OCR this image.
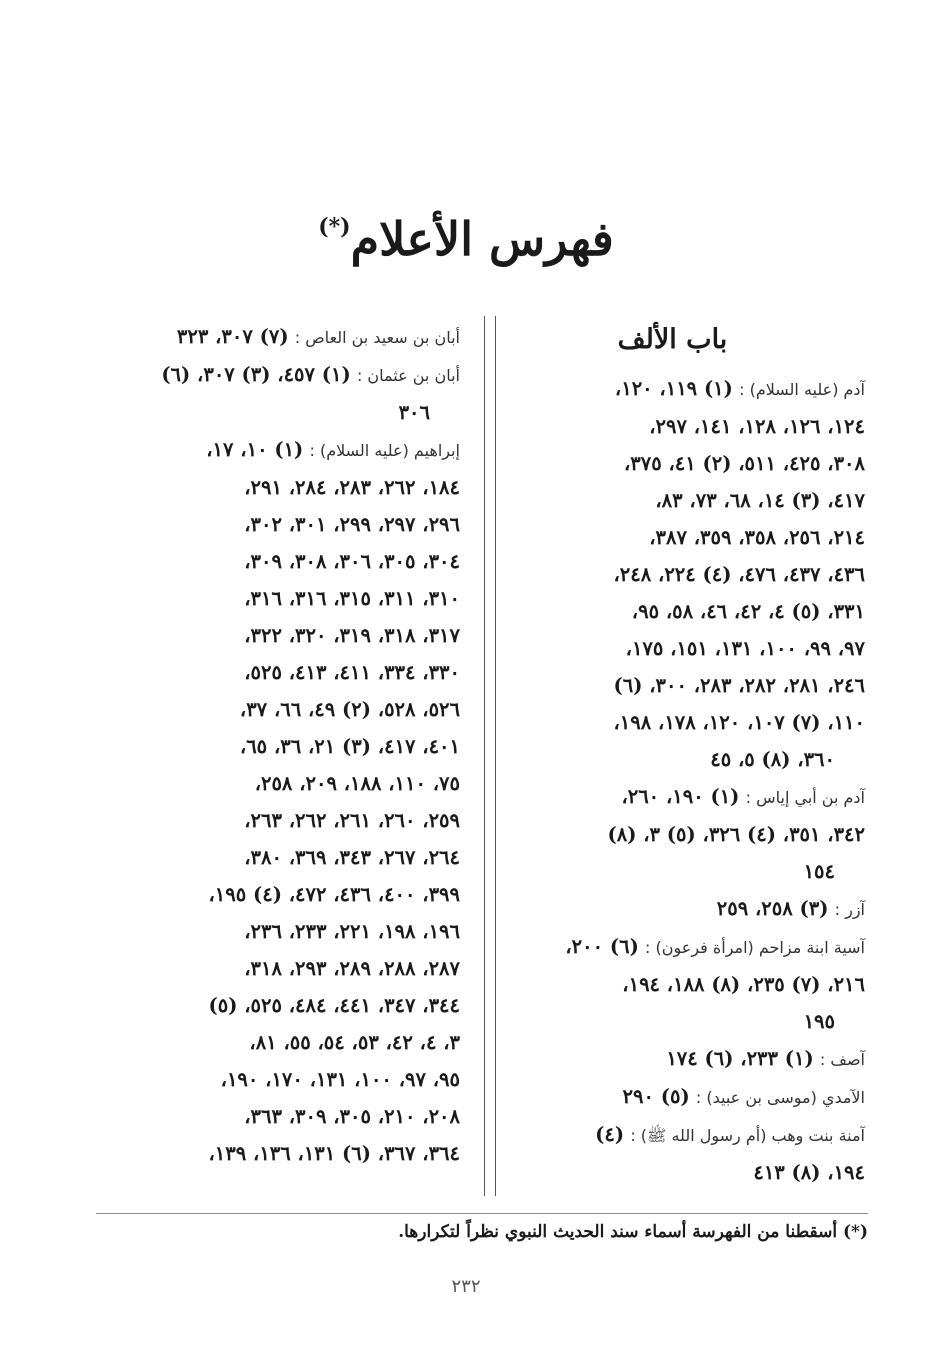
فهرس الأعلام(*)
باب الألف
آدم (عليه السلام) : (١) ١١٩، ١٢٠،
١٢٤، ١٢٦، ١٢٨، ١٤١، ٢٩٧،
٣٠٨، ٤٢٥، ٥١١، (٢) ٤١، ٣٧٥،
٤١٧، (٣) ١٤، ٦٨، ٧٣، ٨٣،
٢١٤، ٢٥٦، ٣٥٨، ٣٥٩، ٣٨٧،
٤٣٦، ٤٣٧، ٤٧٦، (٤) ٢٢٤، ٢٤٨،
٣٣١، (٥) ٤، ٤٢، ٤٦، ٥٨، ٩٥،
٩٧، ٩٩، ١٠٠، ١٣١، ١٥١، ١٧٥،
٢٤٦، ٢٨١، ٢٨٢، ٢٨٣، ٣٠٠، (٦)
١١٠، (٧) ١٠٧، ١٢٠، ١٧٨، ١٩٨،
٣٦٠، (٨) ٥، ٤٥
آدم بن أبي إياس : (١) ١٩٠، ٢٦٠،
٣٤٢، ٣٥١، (٤) ٣٢٦، (٥) ٣، (٨)
١٥٤
آزر : (٣) ٢٥٨، ٢٥٩
آسية ابنة مزاحم (امرأة فرعون) : (٦) ٢٠٠،
٢١٦، (٧) ٢٣٥، (٨) ١٨٨، ١٩٤،
١٩٥
آصف : (١) ٢٣٣، (٦) ١٧٤
الآمدي (موسى بن عبيد) : (٥) ٢٩٠
آمنة بنت وهب (أم رسول الله ﷺ) : (٤)
١٩٤، (٨) ٤١٣
أبان بن سعيد بن العاص : (٧) ٣٠٧، ٣٢٣
أبان بن عثمان : (١) ٤٥٧، (٣) ٣٠٧، (٦)
٣٠٦
إبراهيم (عليه السلام) : (١) ١٠، ١٧،
١٨٤، ٢٦٢، ٢٨٣، ٢٨٤، ٢٩١،
٢٩٦، ٢٩٧، ٢٩٩، ٣٠١، ٣٠٢،
٣٠٤، ٣٠٥، ٣٠٦، ٣٠٨، ٣٠٩،
٣١٠، ٣١١، ٣١٥، ٣١٦، ٣١٦،
٣١٧، ٣١٨، ٣١٩، ٣٢٠، ٣٢٢،
٣٣٠، ٣٣٤، ٤١١، ٤١٣، ٥٢٥،
٥٢٦، ٥٢٨، (٢) ٤٩، ٦٦، ٣٧،
٤٠١، ٤١٧، (٣) ٢١، ٣٦، ٦٥،
٧٥، ١١٠، ١٨٨، ٢٠٩، ٢٥٨،
٢٥٩، ٢٦٠، ٢٦١، ٢٦٢، ٢٦٣،
٢٦٤، ٢٦٧، ٣٤٣، ٣٦٩، ٣٨٠،
٣٩٩، ٤٠٠، ٤٣٦، ٤٧٢، (٤) ١٩٥،
١٩٦، ١٩٨، ٢٢١، ٢٣٣، ٢٣٦،
٢٨٧، ٢٨٨، ٢٨٩، ٢٩٣، ٣١٨،
٣٤٤، ٣٤٧، ٤٤١، ٤٨٤، ٥٢٥، (٥)
٣، ٤، ٤٢، ٥٣، ٥٤، ٥٥، ٨١،
٩٥، ٩٧، ١٠٠، ١٣١، ١٧٠، ١٩٠،
٢٠٨، ٢١٠، ٣٠٥، ٣٠٩، ٣٦٣،
٣٦٤، ٣٦٧، (٦) ١٣١، ١٣٦، ١٣٩،
(*) أسقطنا من الفهرسة أسماء سند الحديث النبوي نظراً لتكرارها.
٢٣٢
